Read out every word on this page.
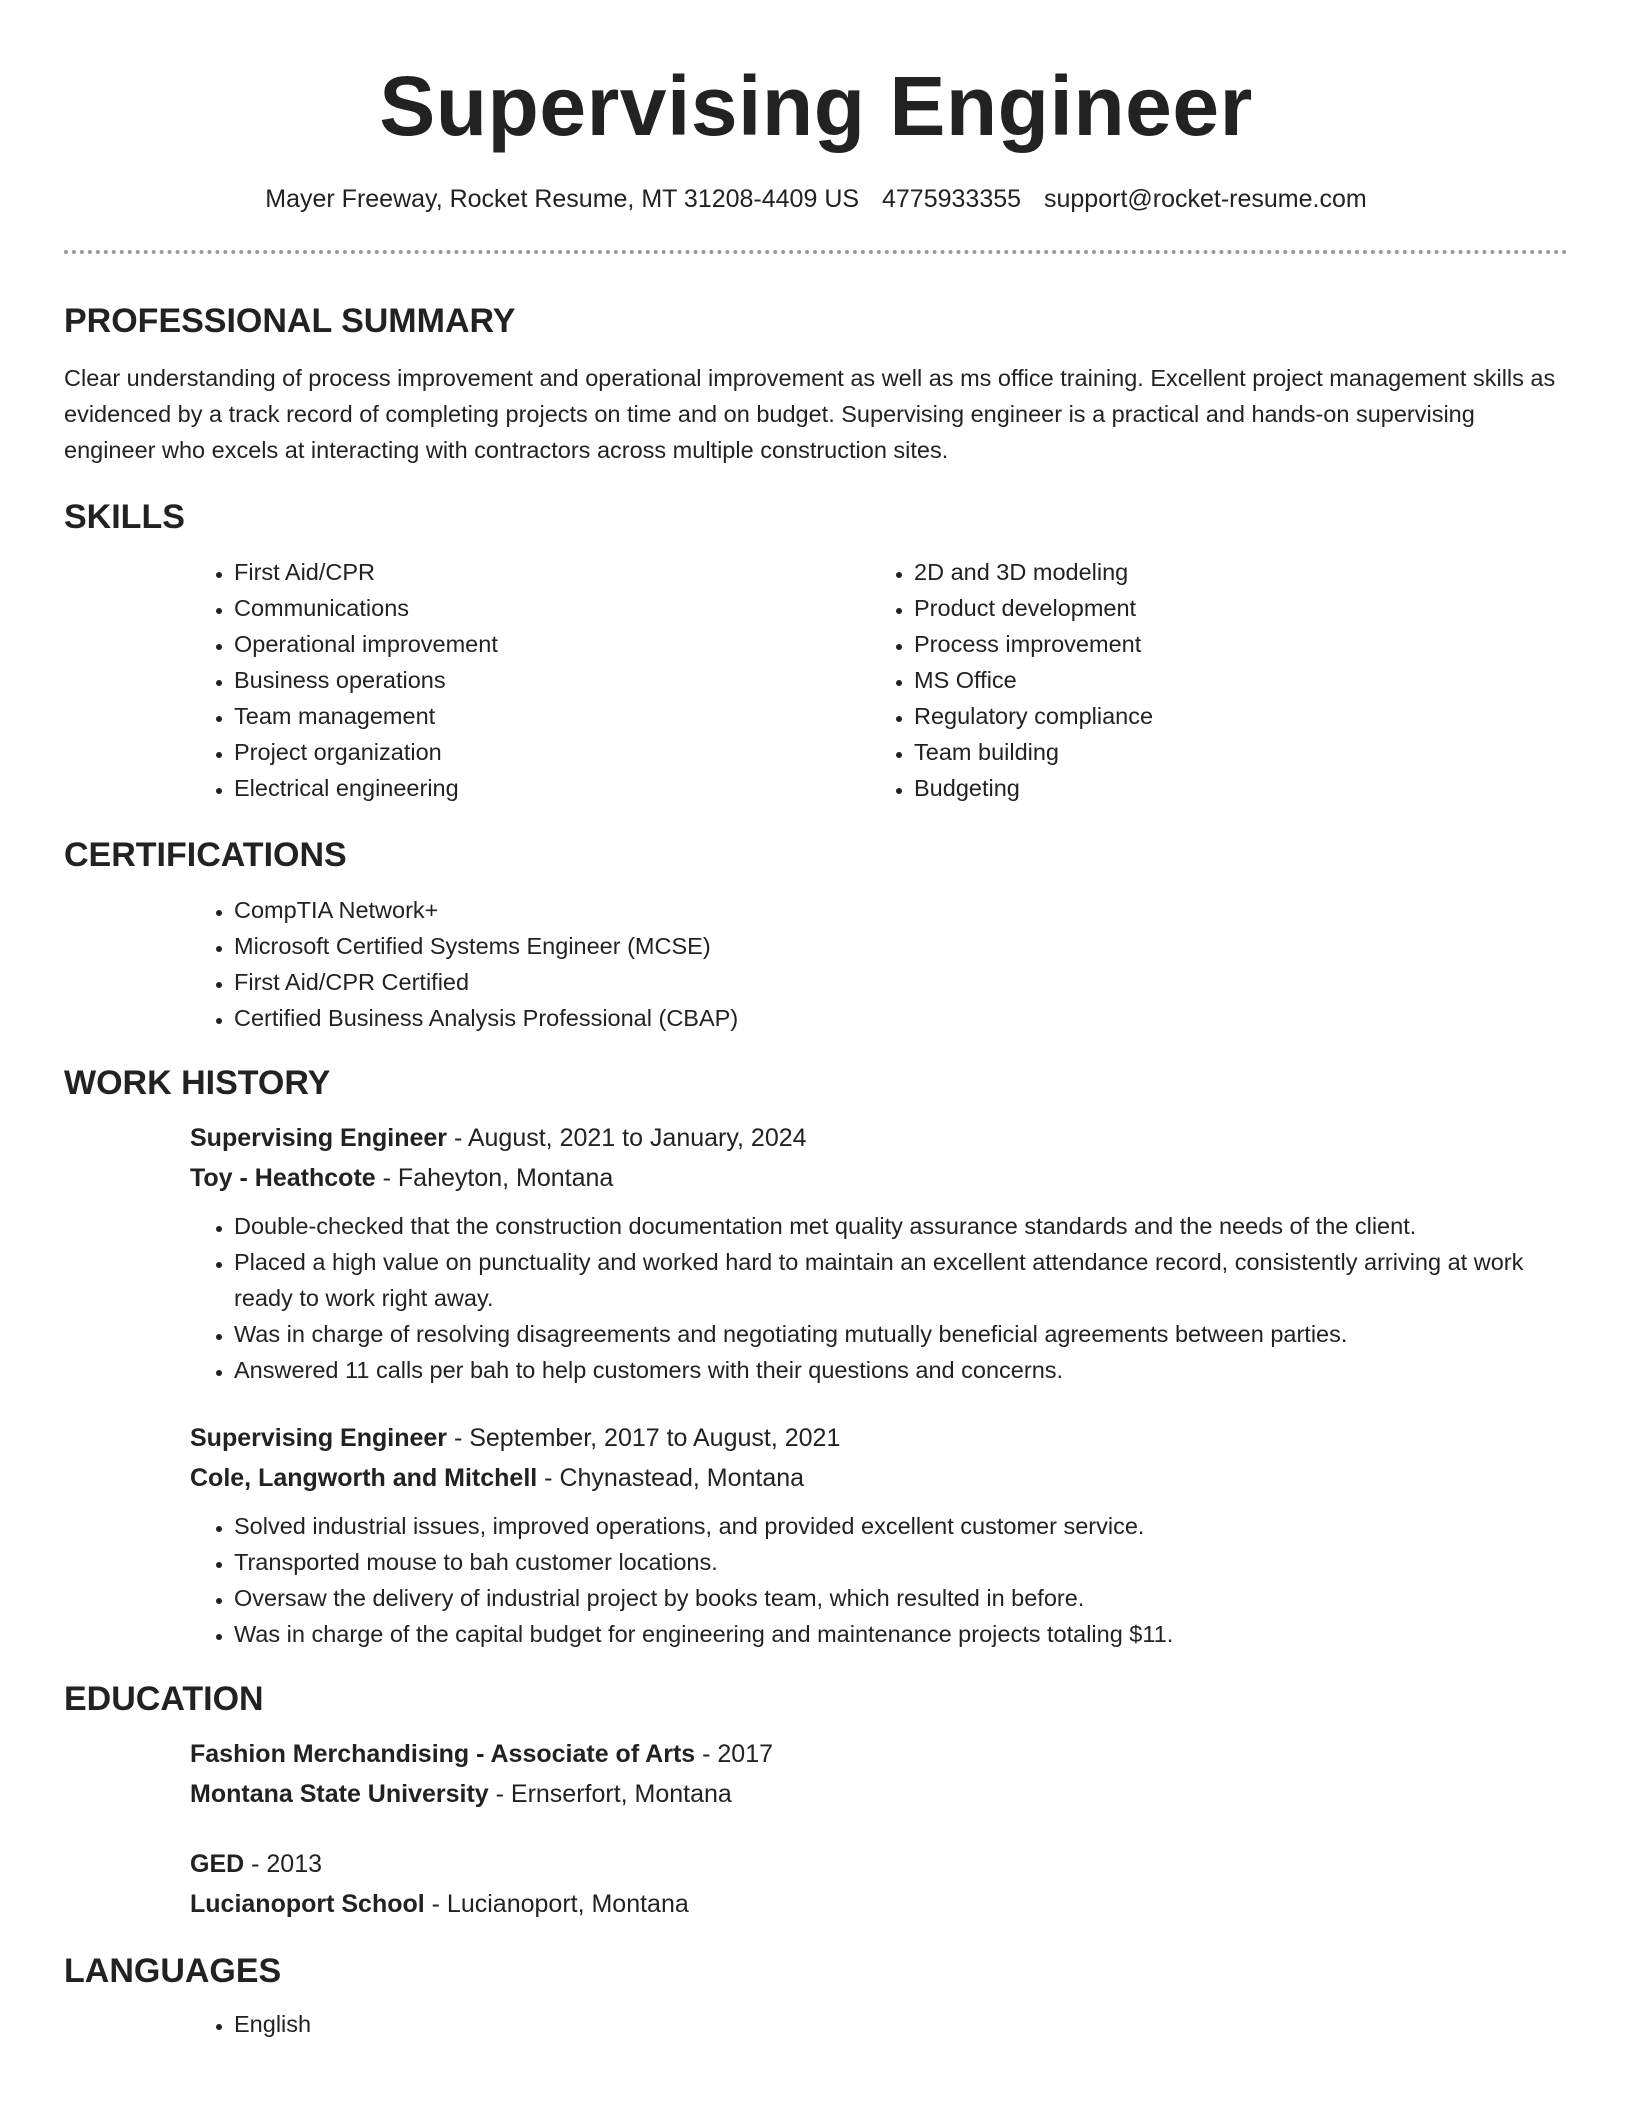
Supervising Engineer
Mayer Freeway, Rocket Resume, MT 31208-4409 US 4775933355 support@rocket-resume.com
PROFESSIONAL SUMMARY

Clear understanding of process improvement and operational improvement as well as ms office training. Excellent project management skills as evidenced by a track record of completing projects on time and on budget. Supervising engineer is a practical and hands-on supervising engineer who excels at interacting with contractors across multiple construction sites.

SKILLS
• First Aid/CPR
• Communications
• Operational improvement
• Business operations
• Team management
• Project organization
• Electrical engineering
• 2D and 3D modeling
• Product development
• Process improvement
• MS Office
• Regulatory compliance
• Team building
• Budgeting
CERTIFICATIONS
• CompTIA Network+
• Microsoft Certified Systems Engineer (MCSE)
• First Aid/CPR Certified
• Certified Business Analysis Professional (CBAP)
WORK HISTORY

Supervising Engineer - August, 2021 to January, 2024

Toy - Heathcote - Faheyton, Montana

• Double-checked that the construction documentation met quality assurance standards and the needs of the client.
• Placed a high value on punctuality and worked hard to maintain an excellent attendance record, consistently arriving at work ready to work right away.
• Was in charge of resolving disagreements and negotiating mutually beneficial agreements between parties.
• Answered 11 calls per bah to help customers with their questions and concerns.

Supervising Engineer - September, 2017 to August, 2021

Cole, Langworth and Mitchell - Chynastead, Montana

• Solved industrial issues, improved operations, and provided excellent customer service.
• Transported mouse to bah customer locations.
• Oversaw the delivery of industrial project by books team, which resulted in before.
• Was in charge of the capital budget for engineering and maintenance projects totaling $11.
EDUCATION

Fashion Merchandising - Associate of Arts - 2017

Montana State University - Ernserfort, Montana

GED - 2013

Lucianoport School - Lucianoport, Montana

LANGUAGES
• English
